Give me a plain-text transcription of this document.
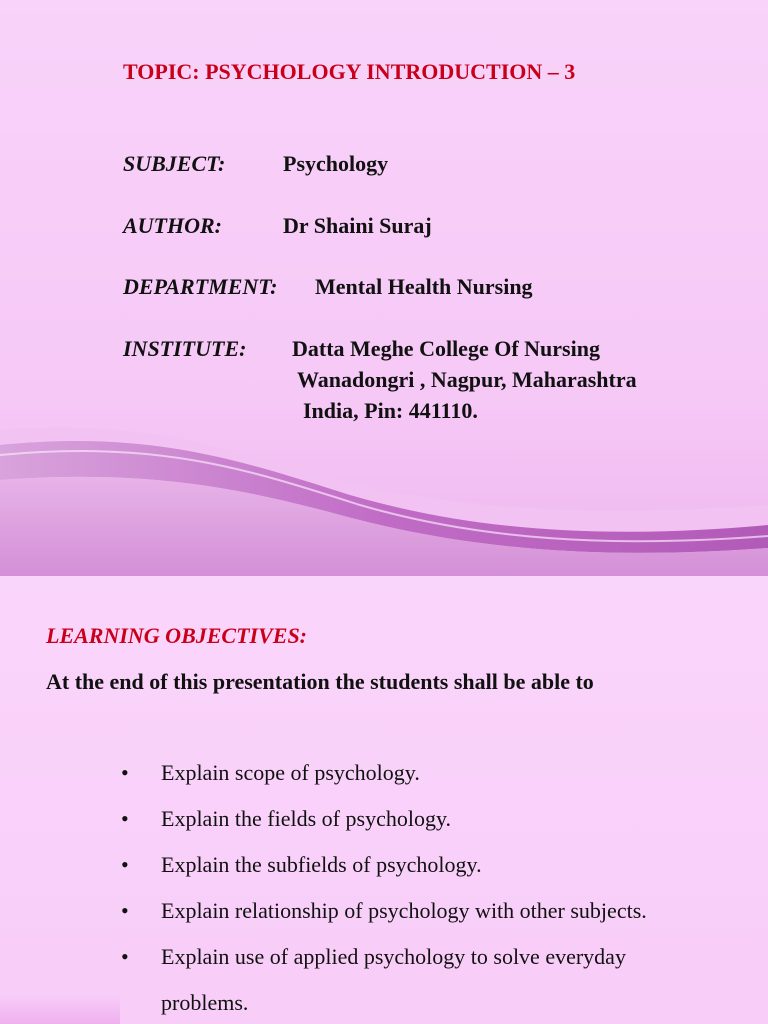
TOPIC: PSYCHOLOGY INTRODUCTION – 3
SUBJECT:	Psychology
AUTHOR:	Dr Shaini Suraj
DEPARTMENT: Mental Health Nursing
INSTITUTE: Datta Meghe College Of Nursing
Wanadongri , Nagpur, Maharashtra
India, Pin: 441110.
LEARNING OBJECTIVES:
At the end of this presentation the students shall be able to
• Explain scope of psychology.
• Explain the fields of psychology.
• Explain the subfields of psychology.
• Explain relationship of psychology with other subjects.
• Explain use of applied psychology to solve everyday
problems.
